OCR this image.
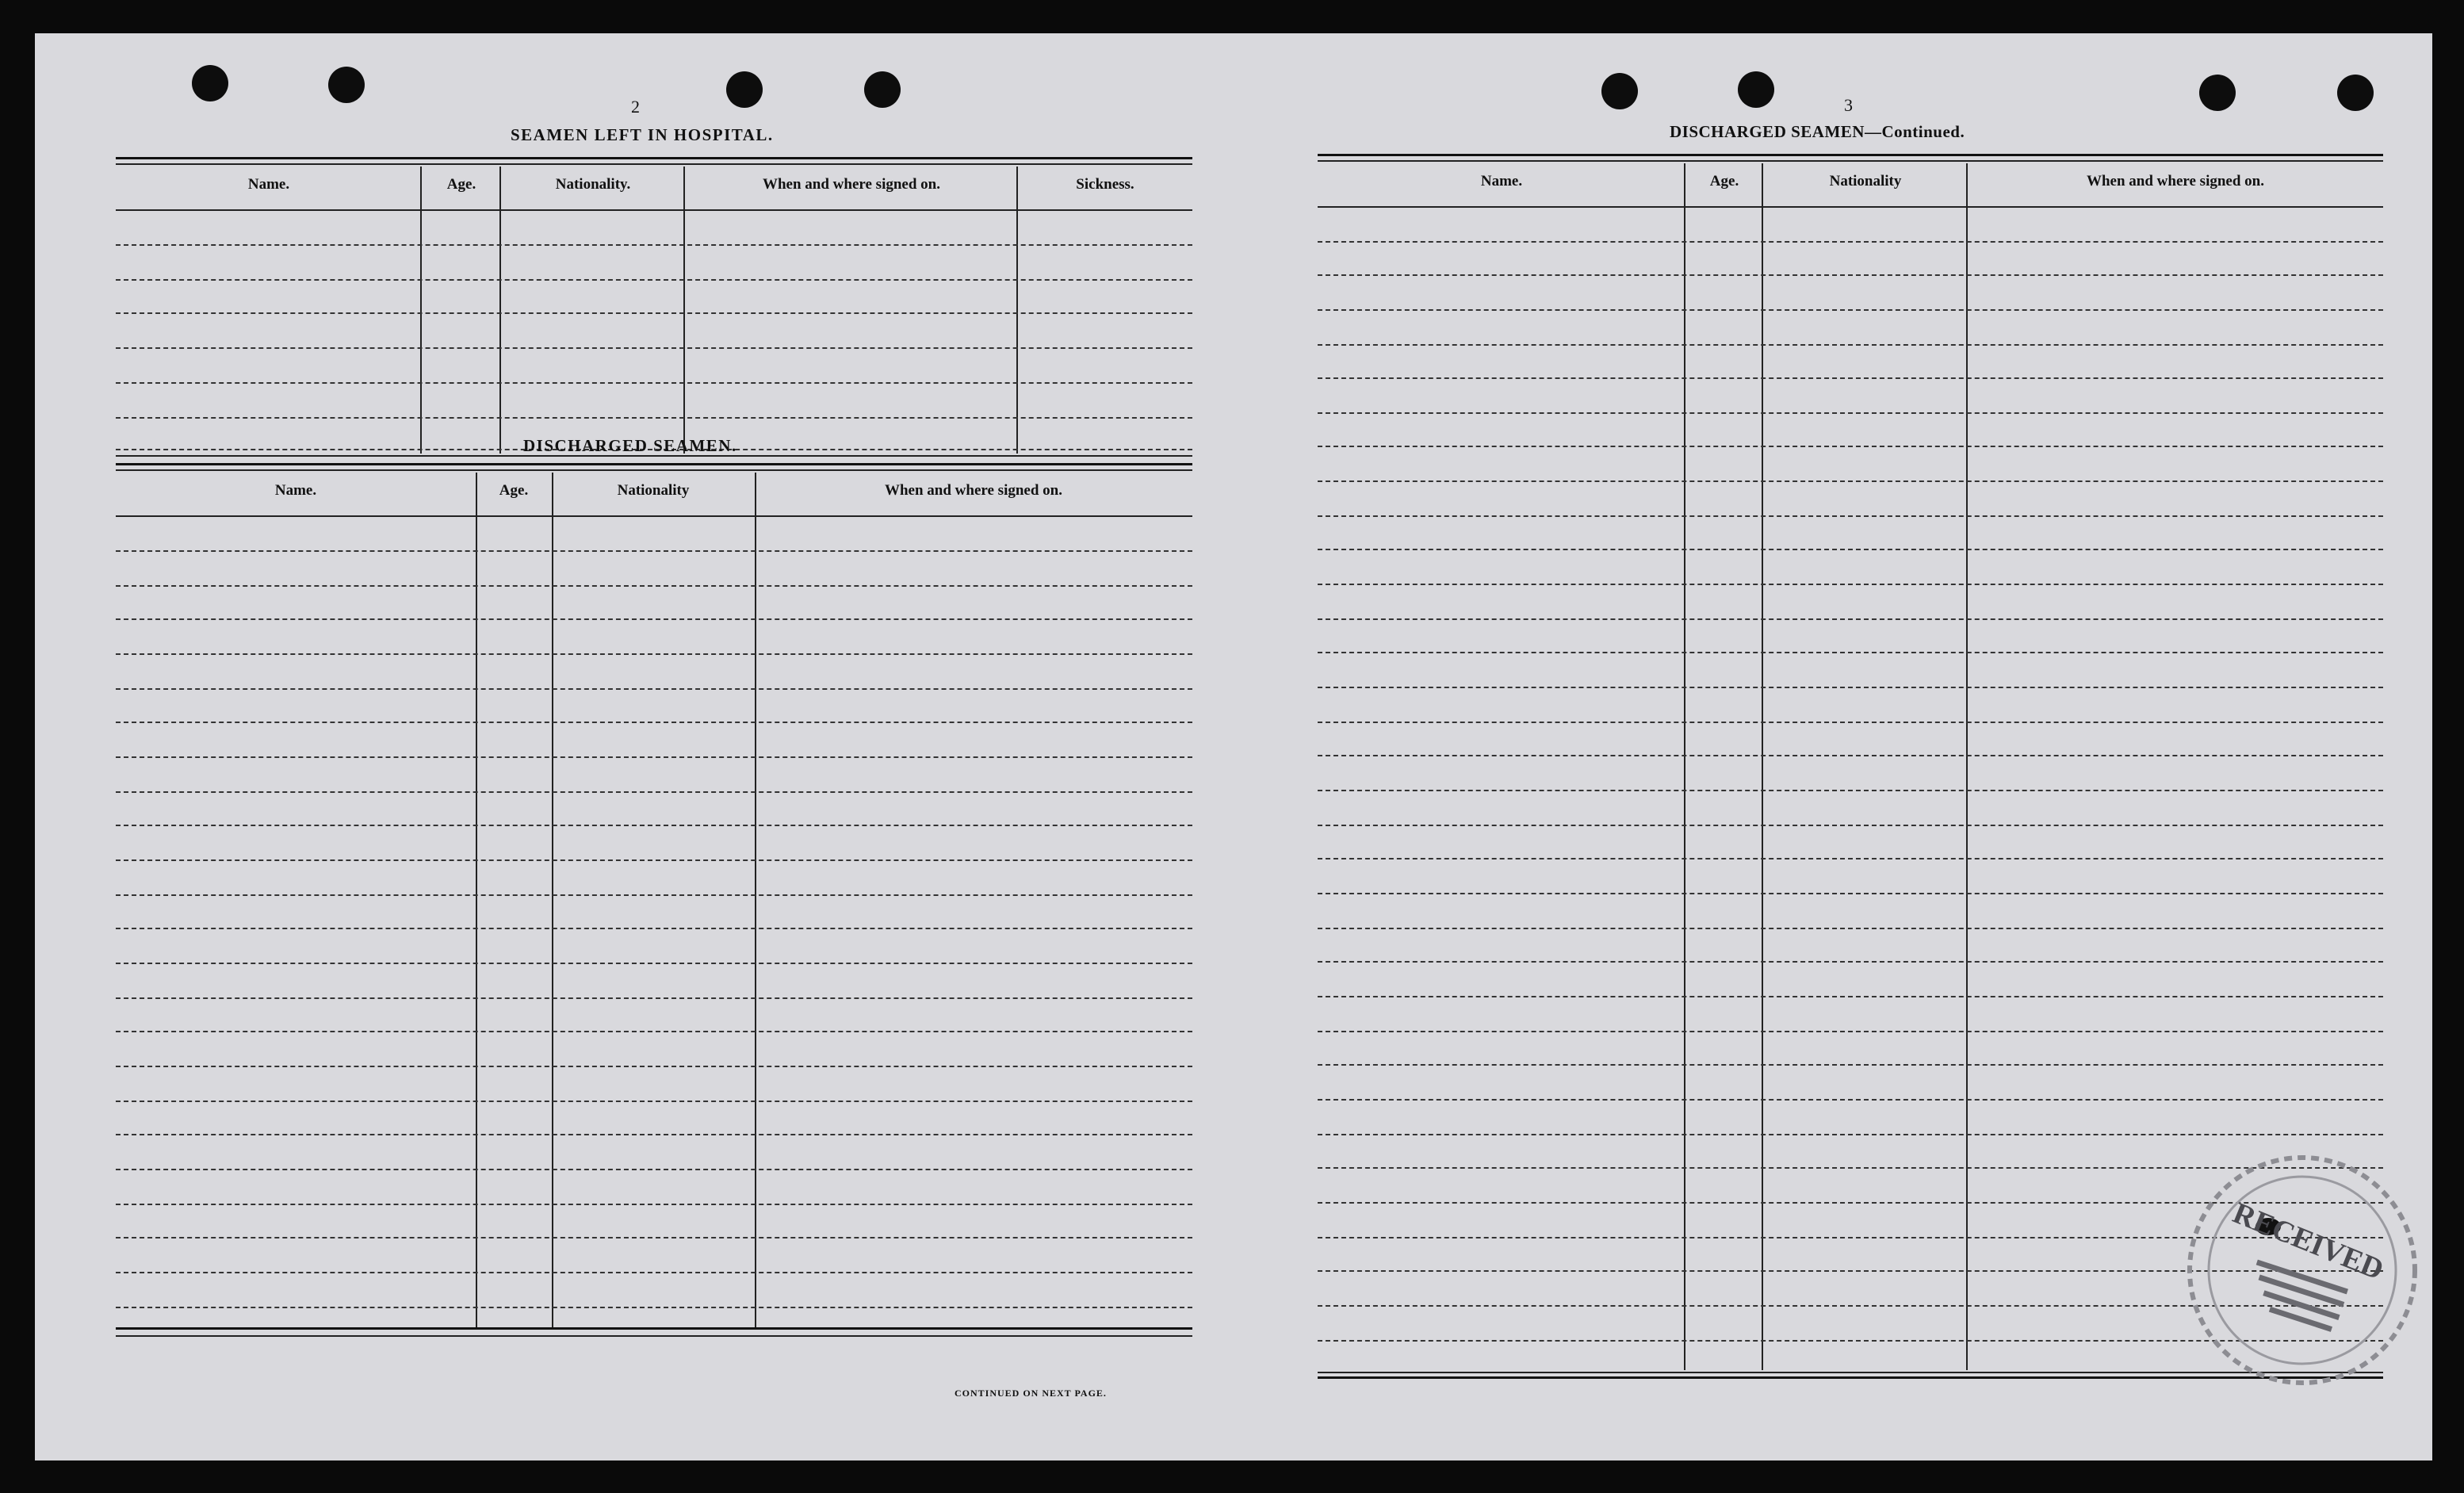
2
SEAMEN LEFT IN HOSPITAL.
Name.	Age.	Nationality.	When and where signed on.	Sickness.
DISCHARGED SEAMEN.
Name.	Age.	Nationality	When and where signed on.
CONTINUED ON NEXT PAGE.
3
DISCHARGED SEAMEN—Continued.
Name.	Age.	Nationality	When and where signed on.
RECEIVED
